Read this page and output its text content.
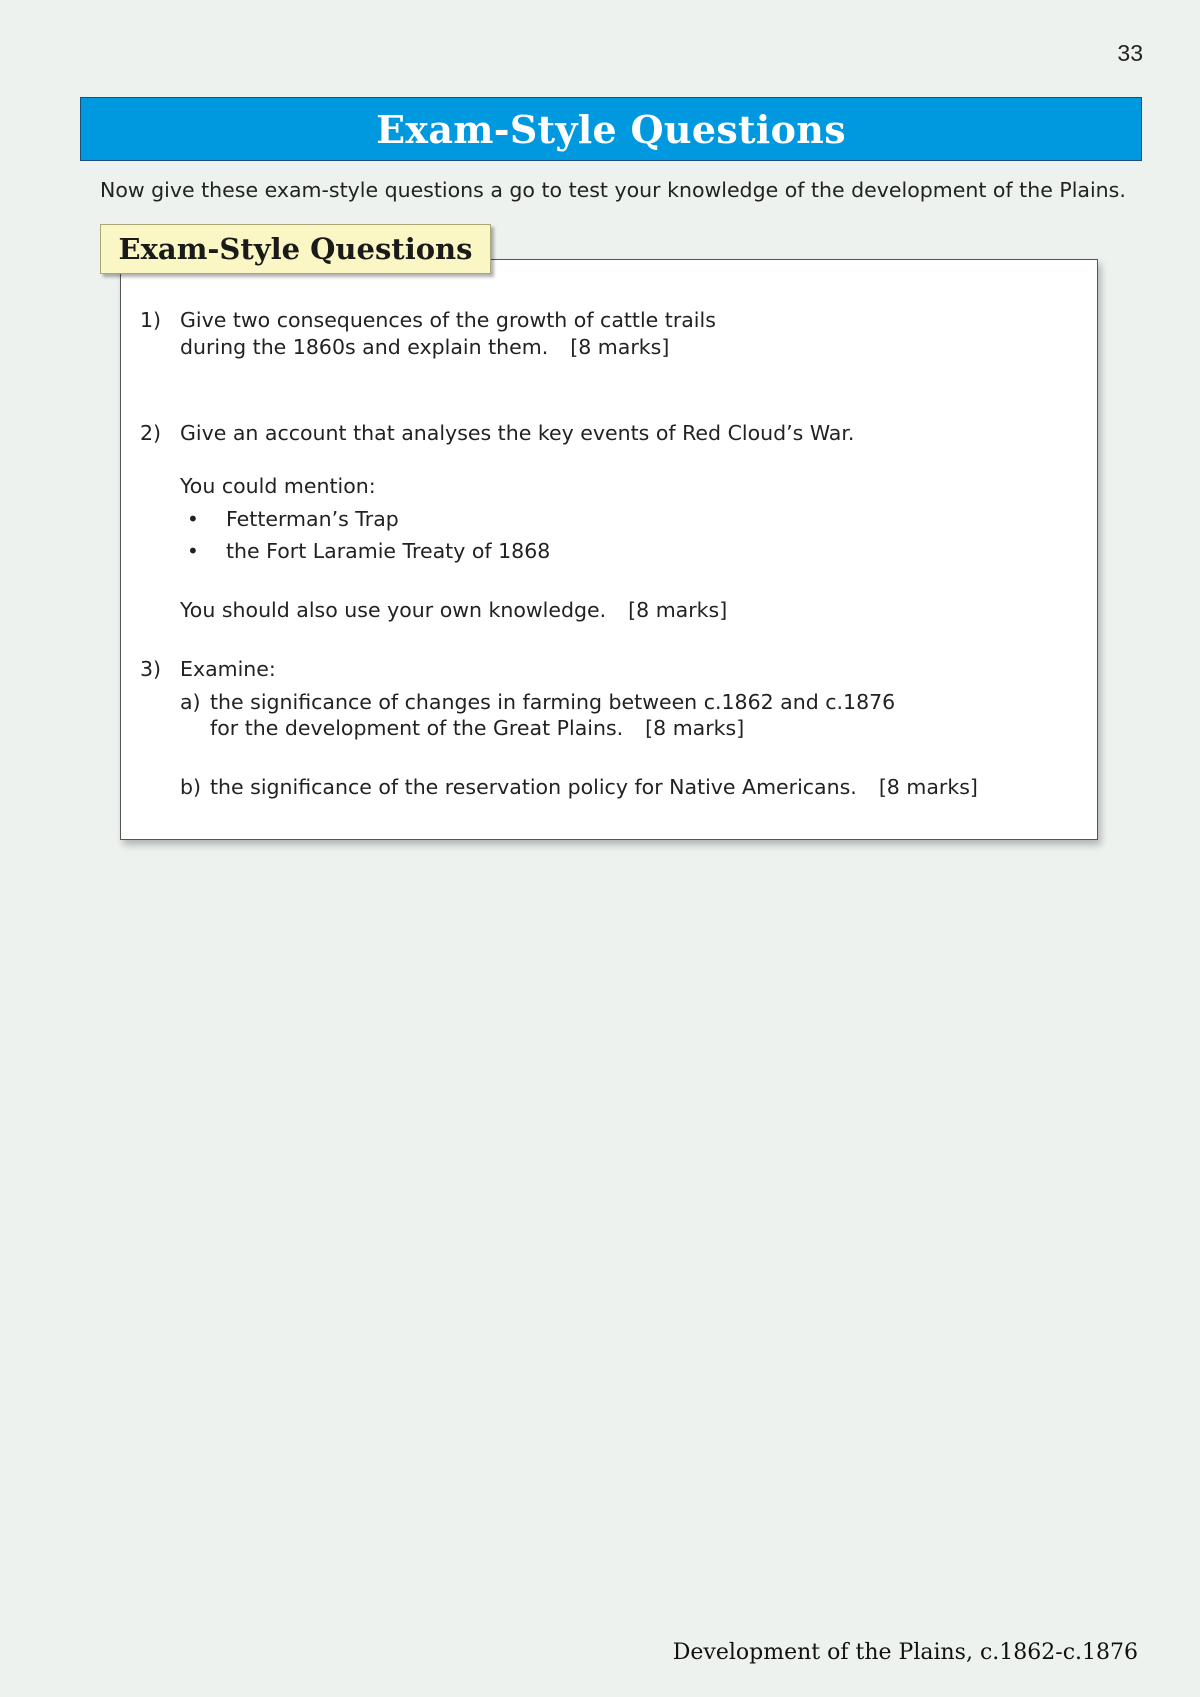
33
Exam-Style Questions
Now give these exam-style questions a go to test your knowledge of the development of the Plains.
Exam-Style Questions
1) Give two consequences of the growth of cattle trails
during the 1860s and explain them. [8 marks]
2) Give an account that analyses the key events of Red Cloud’s War.
You could mention:
• Fetterman’s Trap
• the Fort Laramie Treaty of 1868
You should also use your own knowledge. [8 marks]
3) Examine:
a) the significance of changes in farming between c.1862 and c.1876
for the development of the Great Plains. [8 marks]
b) the significance of the reservation policy for Native Americans. [8 marks]
Development of the Plains, c.1862-c.1876
